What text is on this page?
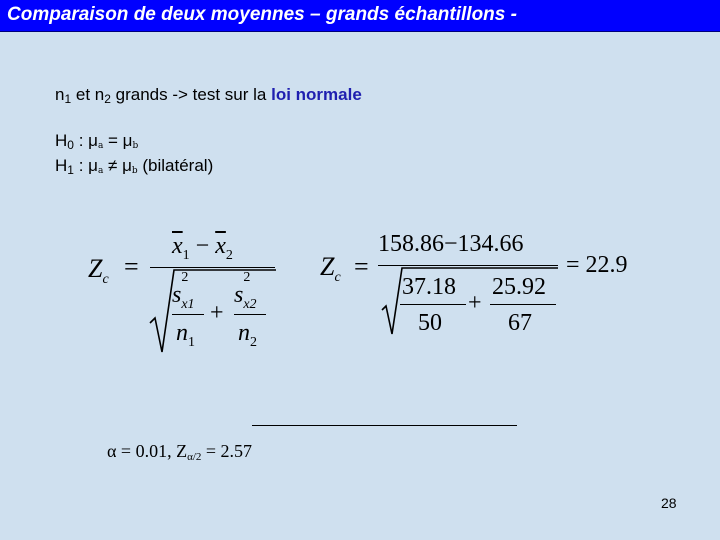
Comparaison de deux moyennes – grands échantillons -
$n_1$ et $n_2$ grands -> test sur la loi normale
$H_0$ : μa = μb
$H_1$ : μa ≠ μb (bilatéral)
$Z_c$ =
$\overline{x}_1 - \overline{x}_2$
s
2
$_{x1}$
$n_1$
+
s
2
$_{x2}$
$n_2$
$Z_c$ =
158.86−134.66
37.18
50
+
25.92
67
= 22.9
α = 0.01, $Z_{\alpha/2} = 2.57$
28
